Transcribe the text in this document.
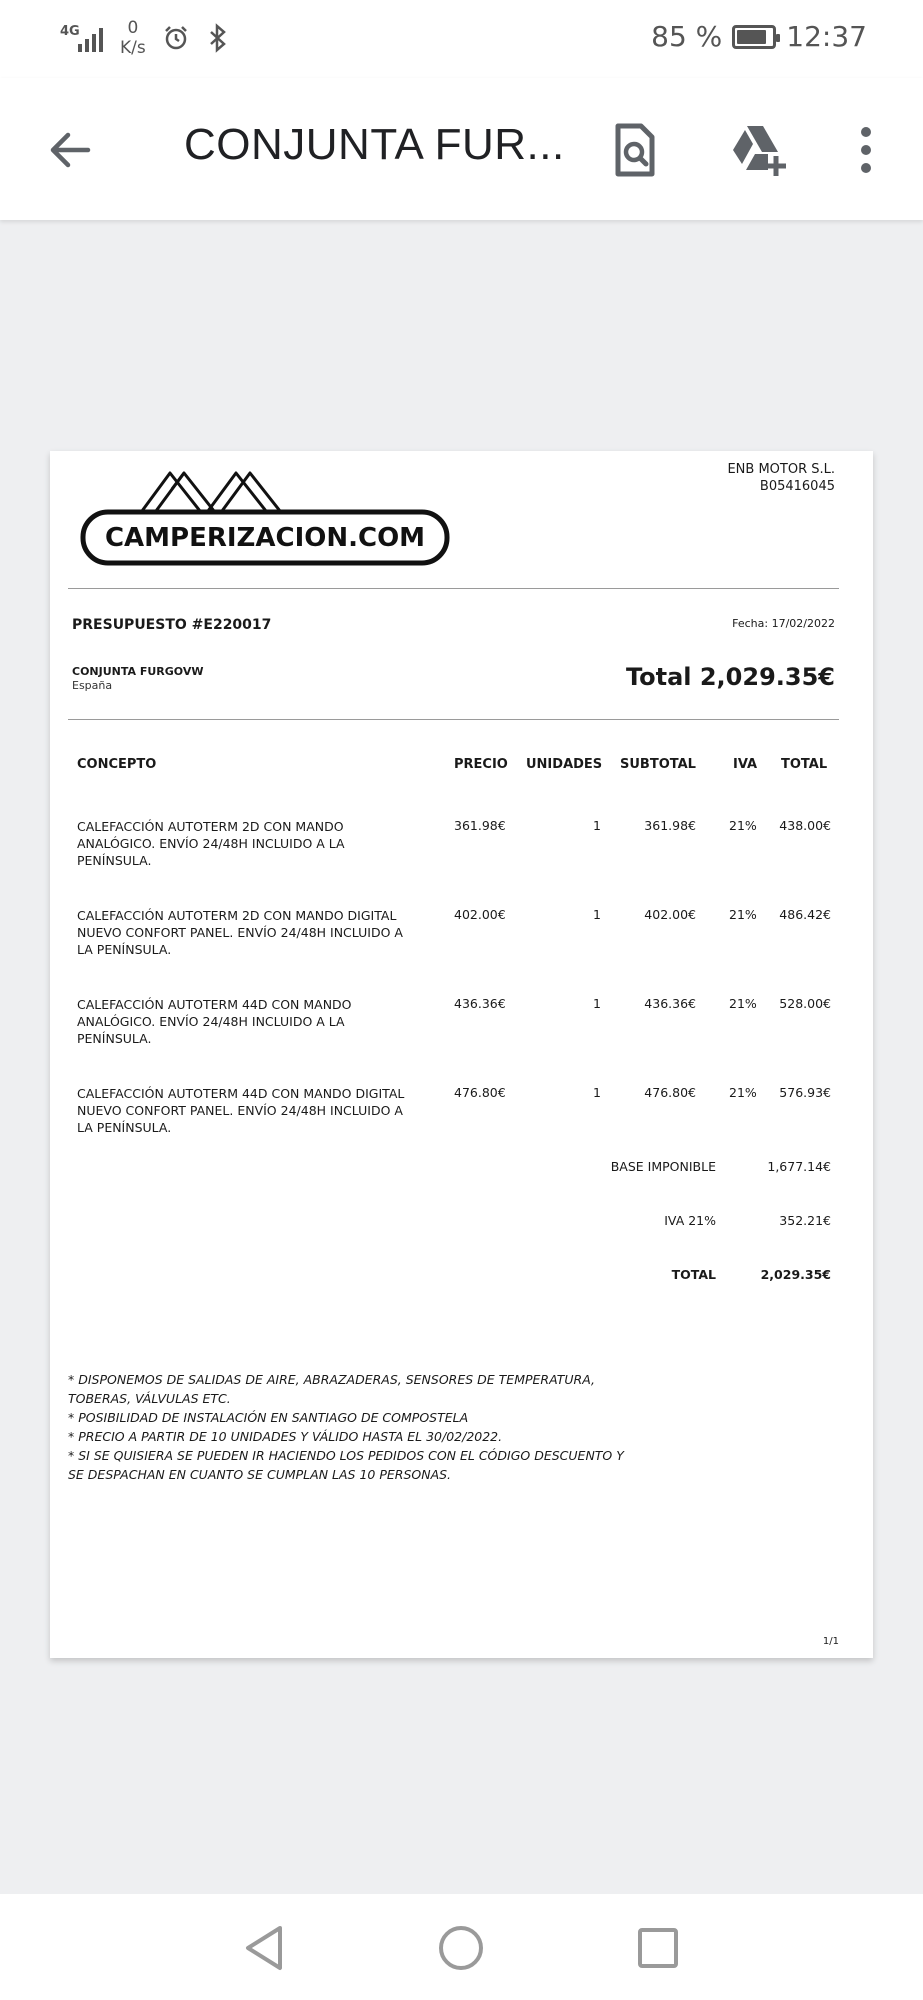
4G	0
K/s	85 % 12:37
CONJUNTA FUR...
CAMPERIZACION.COM
ENB MOTOR S.L.
B05416045
PRESUPUESTO #E220017	Fecha: 17/02/2022
CONJUNTA FURGOVW
España	Total 2,029.35€
CONCEPTO	PRECIO UNIDADES SUBTOTAL	IVA TOTAL
CALEFACCIÓN AUTOTERM 2D CON MANDO
ANALÓGICO. ENVÍO 24/48H INCLUIDO A LA
PENÍNSULA.
361.98€	1	361.98€	21% 438.00€
CALEFACCIÓN AUTOTERM 2D CON MANDO DIGITAL
NUEVO CONFORT PANEL. ENVÍO 24/48H INCLUIDO A
LA PENÍNSULA.
402.00€	1	402.00€	21% 486.42€
CALEFACCIÓN AUTOTERM 44D CON MANDO
ANALÓGICO. ENVÍO 24/48H INCLUIDO A LA
PENÍNSULA.
436.36€	1	436.36€	21% 528.00€
CALEFACCIÓN AUTOTERM 44D CON MANDO DIGITAL
NUEVO CONFORT PANEL. ENVÍO 24/48H INCLUIDO A
LA PENÍNSULA.
476.80€	1	476.80€	21% 576.93€
BASE IMPONIBLE	1,677.14€
IVA 21%	352.21€
TOTAL	2,029.35€
* DISPONEMOS DE SALIDAS DE AIRE, ABRAZADERAS, SENSORES DE TEMPERATURA,
TOBERAS, VÁLVULAS ETC.
* POSIBILIDAD DE INSTALACIÓN EN SANTIAGO DE COMPOSTELA
* PRECIO A PARTIR DE 10 UNIDADES Y VÁLIDO HASTA EL 30/02/2022.
* SI SE QUISIERA SE PUEDEN IR HACIENDO LOS PEDIDOS CON EL CÓDIGO DESCUENTO Y
SE DESPACHAN EN CUANTO SE CUMPLAN LAS 10 PERSONAS.
1/1
